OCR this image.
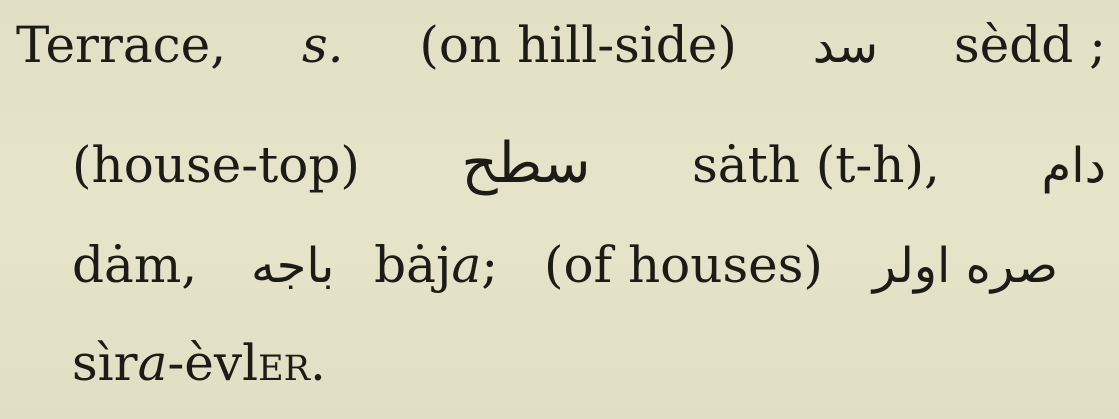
Terrace, s. (on hill-side) سد sèdd ;
(house-top) سطح sȧth (t-h), دام
dȧm, باجه bȧja; (of houses) صره اولر
sìra-èvler.
